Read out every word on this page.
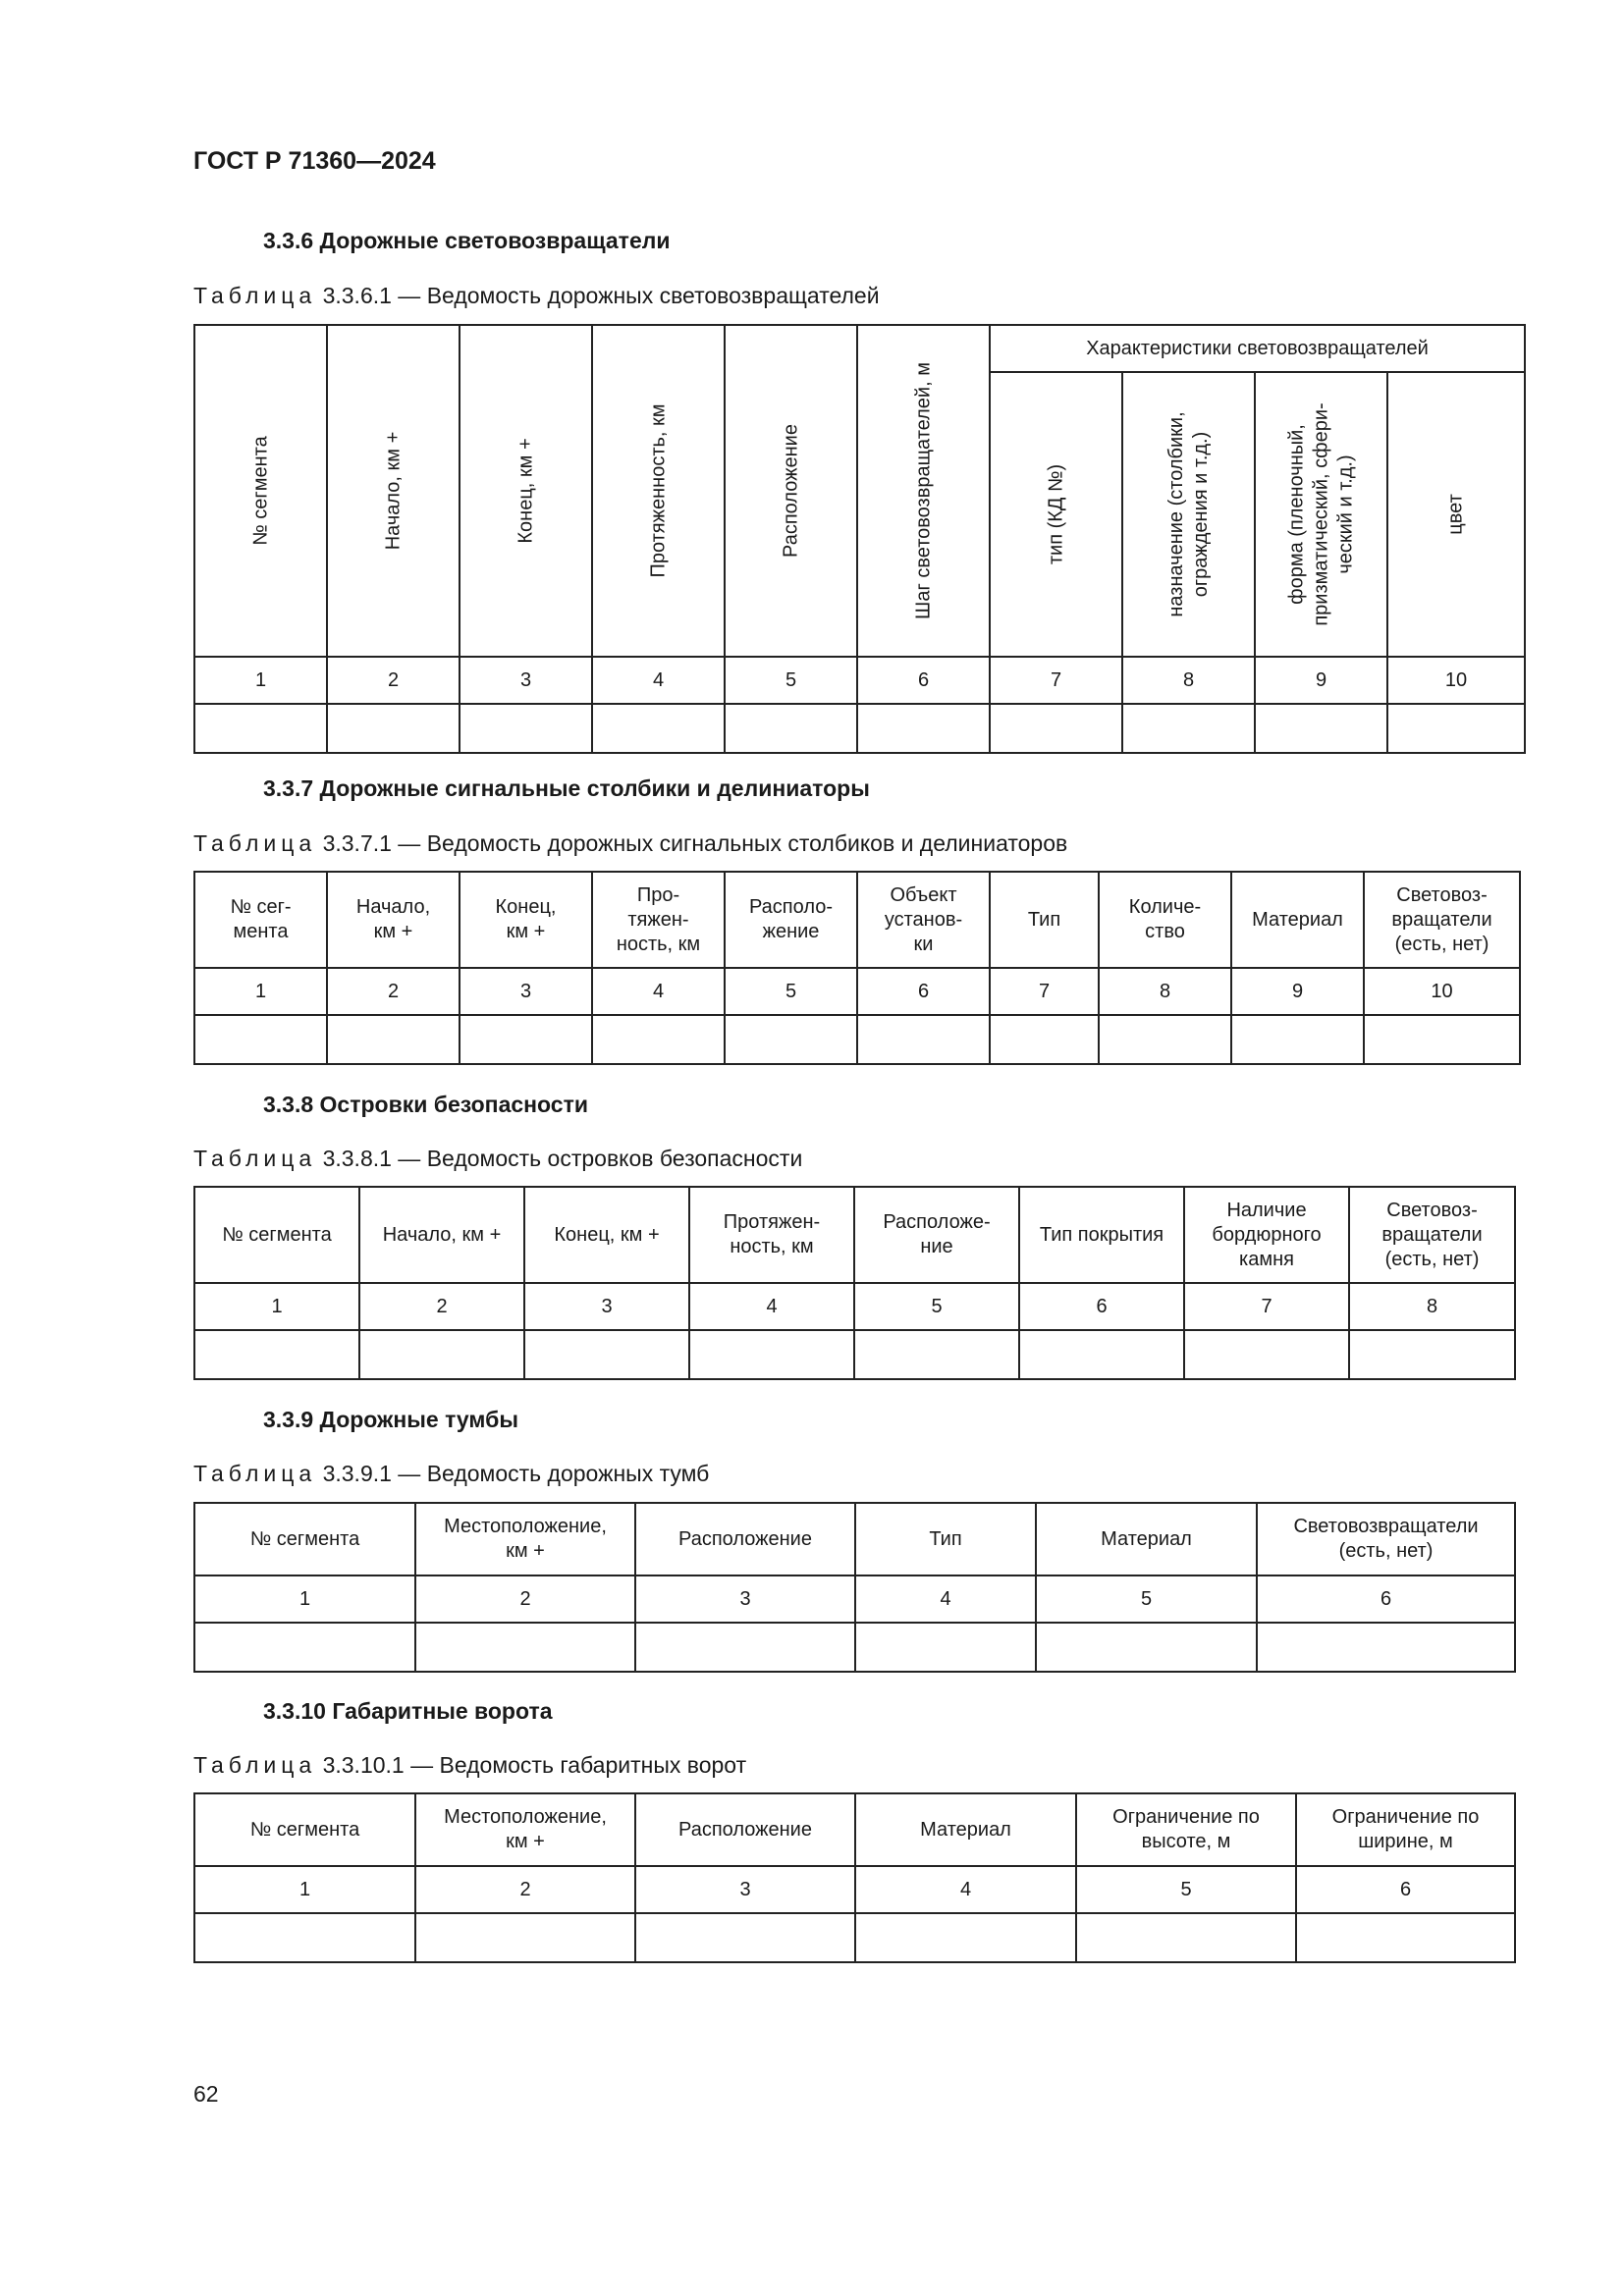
ГОСТ Р 71360—2024
3.3.6 Дорожные световозвращатели
Таблица 3.3.6.1 — Ведомость дорожных световозвращателей
№ сегмента	Начало, км +	Конец, км +	Протяженность, км	Расположение	Шаг световозвращателей, м	Характеристики световозвращателей			

						тип (КД №)	назначение (столбики,
ограждения и т.д.)	форма (пленочный,
призматический, сфери-
ческий и т.д.)	цвет

1	2	3	4	5	6	7	8	9	10

3.3.7 Дорожные сигнальные столбики и делиниаторы
Таблица 3.3.7.1 — Ведомость дорожных сигнальных столбиков и делиниаторов
№ сег-
мента	Начало,
км +	Конец,
км +	Про-
тяжен-
ность, км	Располо-
жение	Объект
установ-
ки	Тип	Количе-
ство	Материал	Световоз-
вращатели
(есть, нет)
1	2	3	4	5	6	7	8	9	10

3.3.8 Островки безопасности
Таблица 3.3.8.1 — Ведомость островков безопасности
№ сегмента	Начало, км +	Конец, км +	Протяжен-
ность, км	Расположе-
ние	Тип покрытия	Наличие
бордюрного
камня	Световоз-
вращатели
(есть, нет)
1	2	3	4	5	6	7	8

3.3.9 Дорожные тумбы
Таблица 3.3.9.1 — Ведомость дорожных тумб
№ сегмента	Местоположение,
км +	Расположение	Тип	Материал	Световозвращатели
(есть, нет)
1	2	3	4	5	6

3.3.10 Габаритные ворота
Таблица 3.3.10.1 — Ведомость габаритных ворот
№ сегмента	Местоположение,
км +	Расположение	Материал	Ограничение по
высоте, м	Ограничение по
ширине, м
1	2	3	4	5	6

62
